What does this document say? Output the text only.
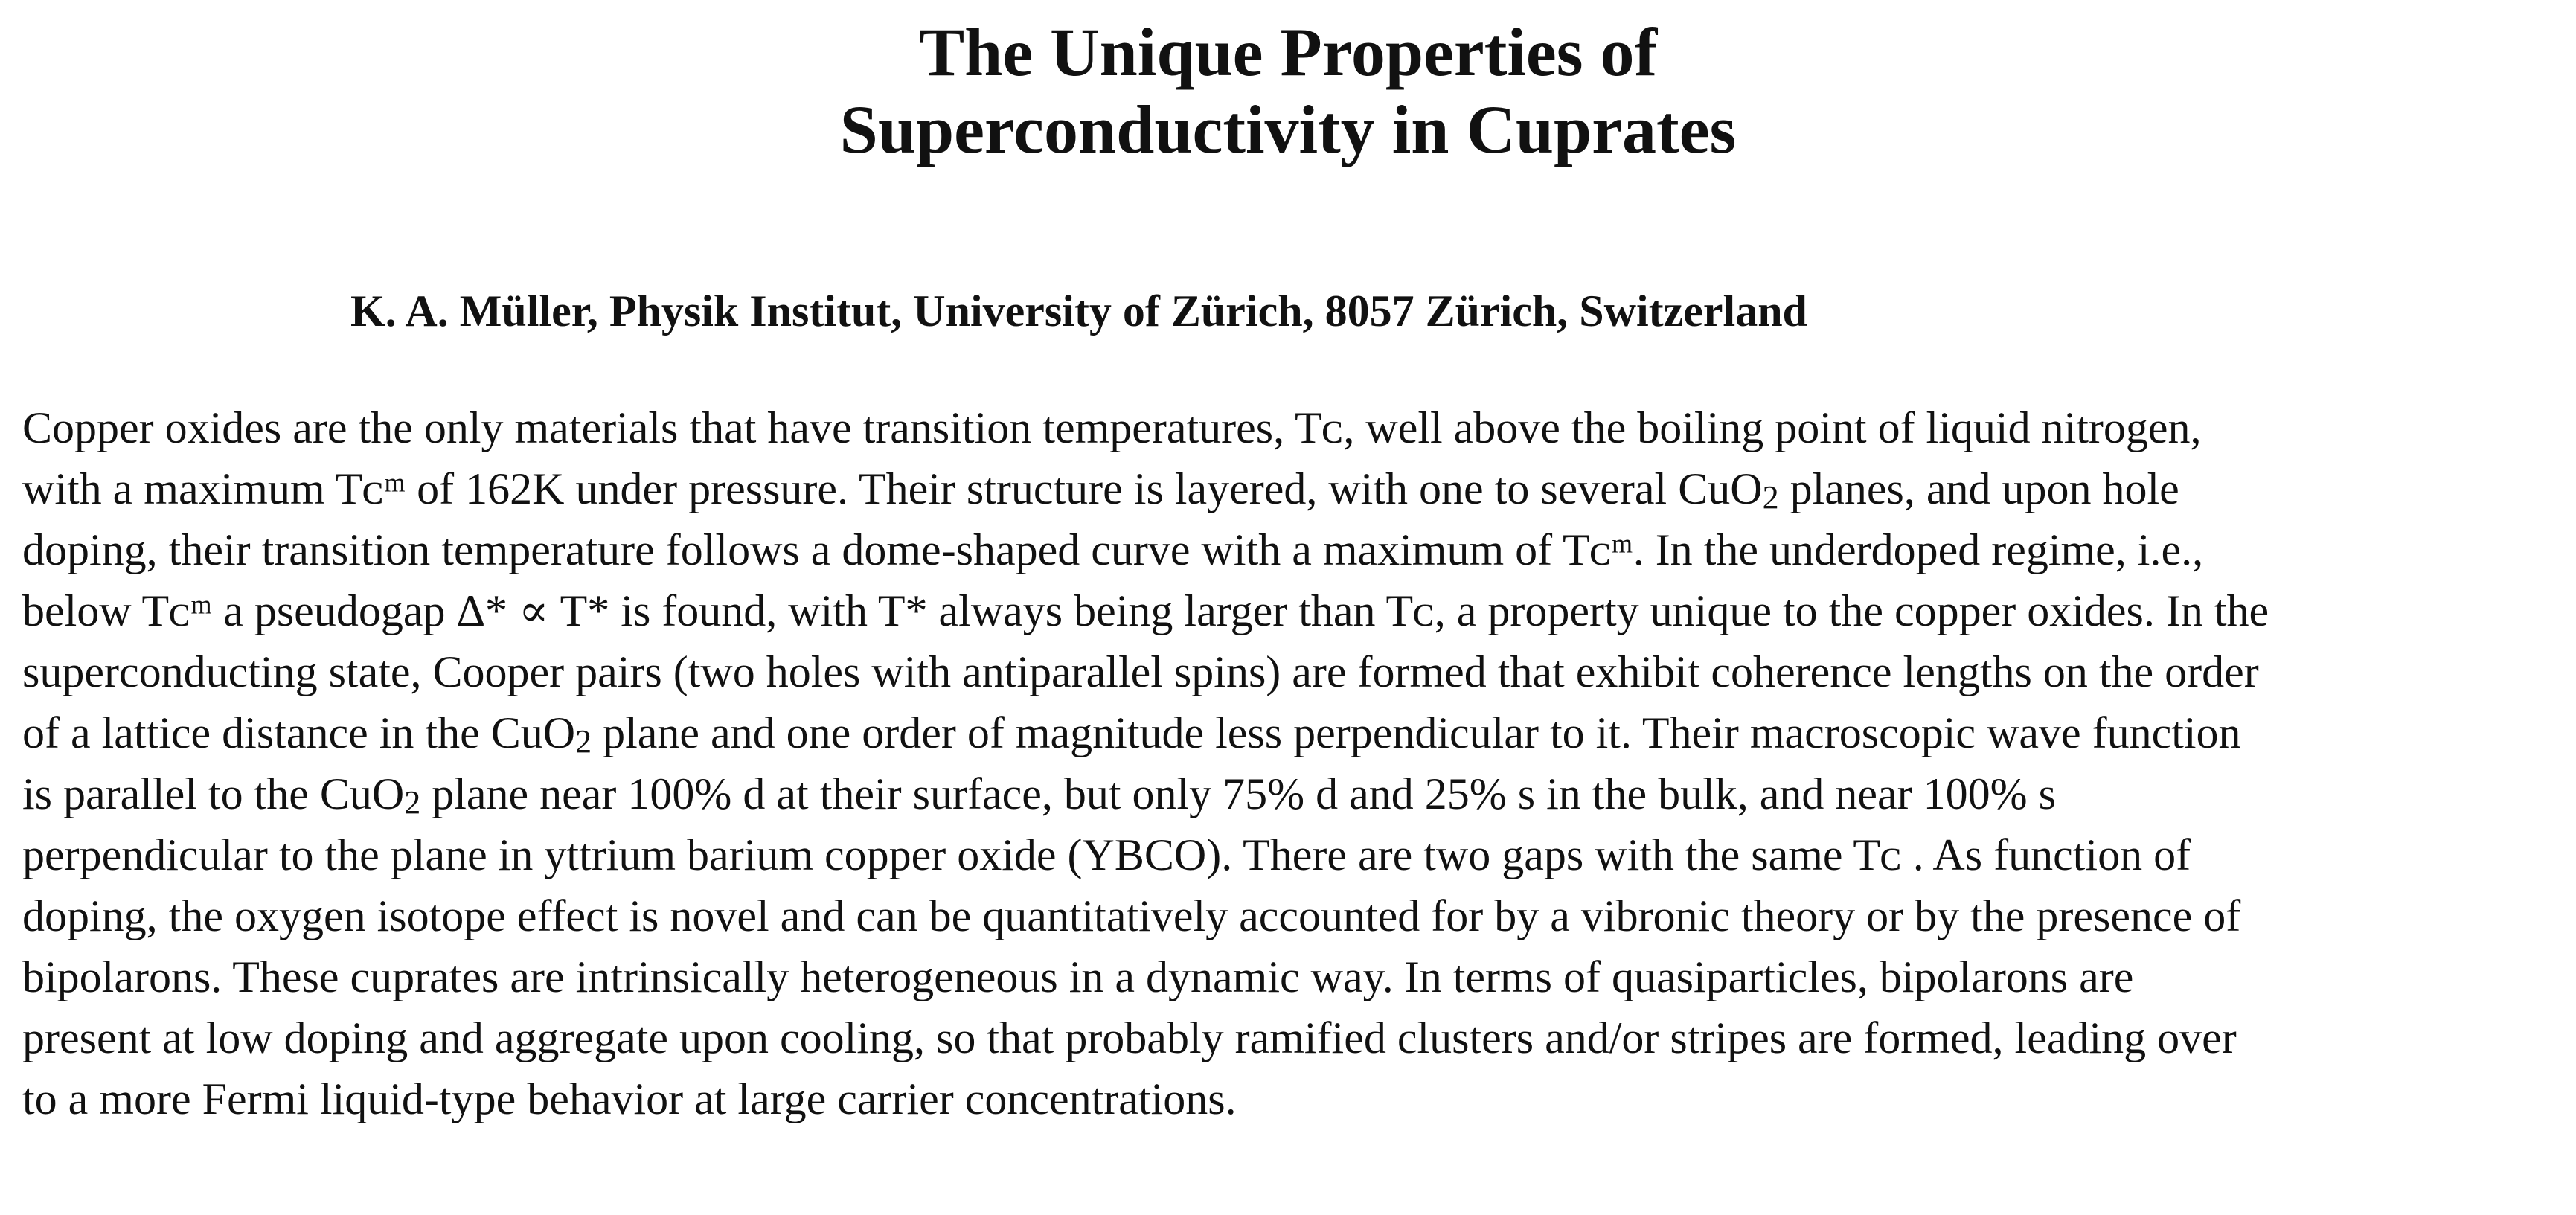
The Unique Properties of
Superconductivity in Cuprates
K. A. Müller, Physik Institut, University of Zürich, 8057 Zürich, Switzerland
Copper oxides are the only materials that have transition temperatures, Tᴄ, well above the boiling point of liquid nitrogen,
with a maximum Tᴄᵐ of 162K under pressure. Their structure is layered, with one to several CuO$_2$ planes, and upon hole
doping, their transition temperature follows a dome-shaped curve with a maximum of Tᴄᵐ. In the underdoped regime, i.e.,
below Tᴄᵐ a pseudogap Δ* ∝ T* is found, with T* always being larger than Tᴄ, a property unique to the copper oxides. In the
superconducting state, Cooper pairs (two holes with antiparallel spins) are formed that exhibit coherence lengths on the order
of a lattice distance in the CuO$_2$ plane and one order of magnitude less perpendicular to it. Their macroscopic wave function
is parallel to the CuO$_2$ plane near 100% d at their surface, but only 75% d and 25% s in the bulk, and near 100% s
perpendicular to the plane in yttrium barium copper oxide (YBCO). There are two gaps with the same Tᴄ . As function of
doping, the oxygen isotope effect is novel and can be quantitatively accounted for by a vibronic theory or by the presence of
bipolarons. These cuprates are intrinsically heterogeneous in a dynamic way. In terms of quasiparticles, bipolarons are
present at low doping and aggregate upon cooling, so that probably ramified clusters and/or stripes are formed, leading over
to a more Fermi liquid-type behavior at large carrier concentrations.
